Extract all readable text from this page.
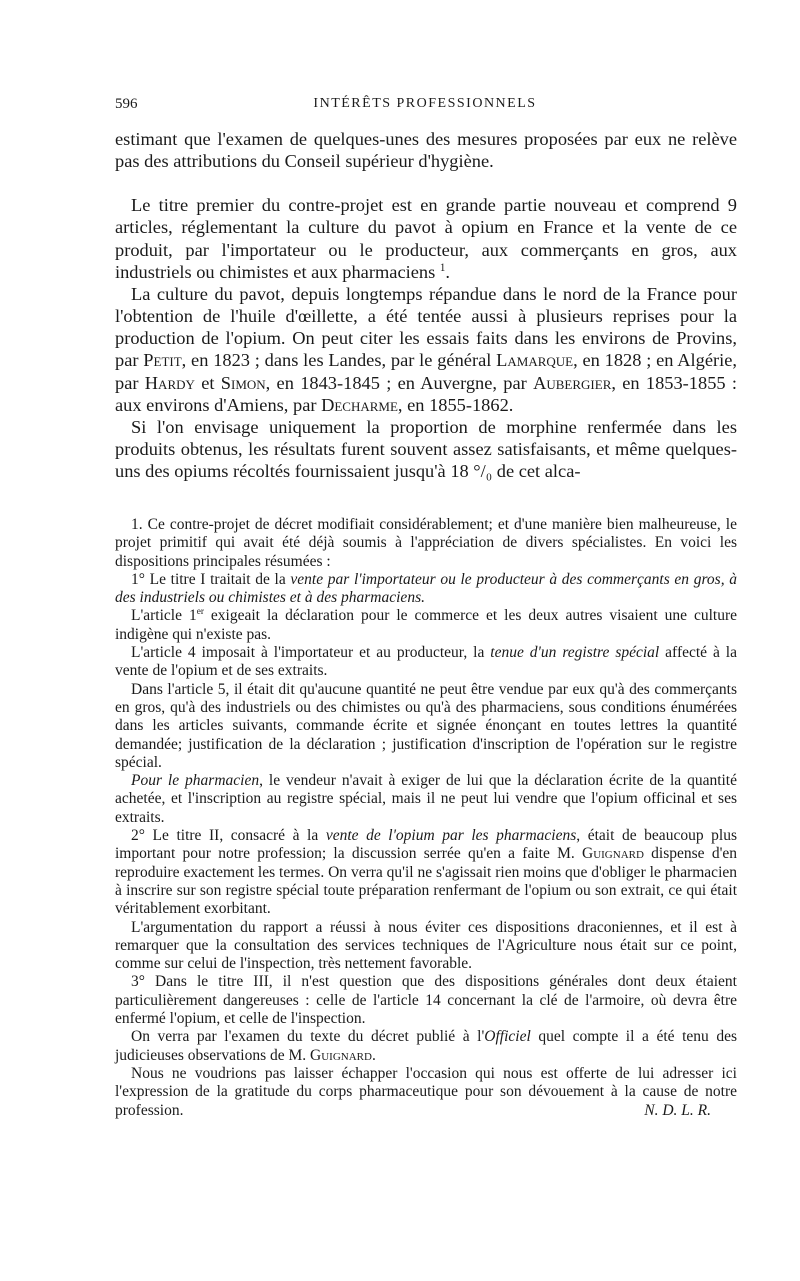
596	INTÉRÊTS PROFESSIONNELS

estimant que l'examen de quelques-unes des mesures proposées par eux ne relève pas des attributions du Conseil supérieur d'hygiène.

Le titre premier du contre-projet est en grande partie nouveau et comprend 9 articles, réglementant la culture du pavot à opium en France et la vente de ce produit, par l'importateur ou le producteur, aux commerçants en gros, aux industriels ou chimistes et aux pharmaciens $^1$.

La culture du pavot, depuis longtemps répandue dans le nord de la France pour l'obtention de l'huile d'œillette, a été tentée aussi à plusieurs reprises pour la production de l'opium. On peut citer les essais faits dans les environs de Provins, par Petit, en 1823 ; dans les Landes, par le général Lamarque, en 1828 ; en Algérie, par Hardy et Simon, en 1843-1845 ; en Auvergne, par Aubergier, en 1853-1855 : aux environs d'Amiens, par Decharme, en 1855-1862.

Si l'on envisage uniquement la proportion de morphine renfermée dans les produits obtenus, les résultats furent souvent assez satisfaisants, et même quelques-uns des opiums récoltés fournissaient jusqu'à 18 °/₀ de cet alca-

1. Ce contre-projet de décret modifiait considérablement; et d'une manière bien malheureuse, le projet primitif qui avait été déjà soumis à l'appréciation de divers spécialistes. En voici les dispositions principales résumées :

1° Le titre I traitait de la vente par l'importateur ou le producteur à des commerçants en gros, à des industriels ou chimistes et à des pharmaciens.

L'article 1er exigeait la déclaration pour le commerce et les deux autres visaient une culture indigène qui n'existe pas.

L'article 4 imposait à l'importateur et au producteur, la tenue d'un registre spécial affecté à la vente de l'opium et de ses extraits.

Dans l'article 5, il était dit qu'aucune quantité ne peut être vendue par eux qu'à des commerçants en gros, qu'à des industriels ou des chimistes ou qu'à des pharmaciens, sous conditions énumérées dans les articles suivants, commande écrite et signée énonçant en toutes lettres la quantité demandée; justification de la déclaration ; justification d'inscription de l'opération sur le registre spécial.

Pour le pharmacien, le vendeur n'avait à exiger de lui que la déclaration écrite de la quantité achetée, et l'inscription au registre spécial, mais il ne peut lui vendre que l'opium officinal et ses extraits.

2° Le titre II, consacré à la vente de l'opium par les pharmaciens, était de beaucoup plus important pour notre profession; la discussion serrée qu'en a faite M. Guignard dispense d'en reproduire exactement les termes. On verra qu'il ne s'agissait rien moins que d'obliger le pharmacien à inscrire sur son registre spécial toute préparation renfermant de l'opium ou son extrait, ce qui était véritablement exorbitant.

L'argumentation du rapport a réussi à nous éviter ces dispositions draconiennes, et il est à remarquer que la consultation des services techniques de l'Agriculture nous était sur ce point, comme sur celui de l'inspection, très nettement favorable.

3° Dans le titre III, il n'est question que des dispositions générales dont deux étaient particulièrement dangereuses : celle de l'article 14 concernant la clé de l'armoire, où devra être enfermé l'opium, et celle de l'inspection.

On verra par l'examen du texte du décret publié à l'Officiel quel compte il a été tenu des judicieuses observations de M. Guignard.

Nous ne voudrions pas laisser échapper l'occasion qui nous est offerte de lui adresser ici l'expression de la gratitude du corps pharmaceutique pour son dévouement à la cause de notre profession.	N. D. L. R.
